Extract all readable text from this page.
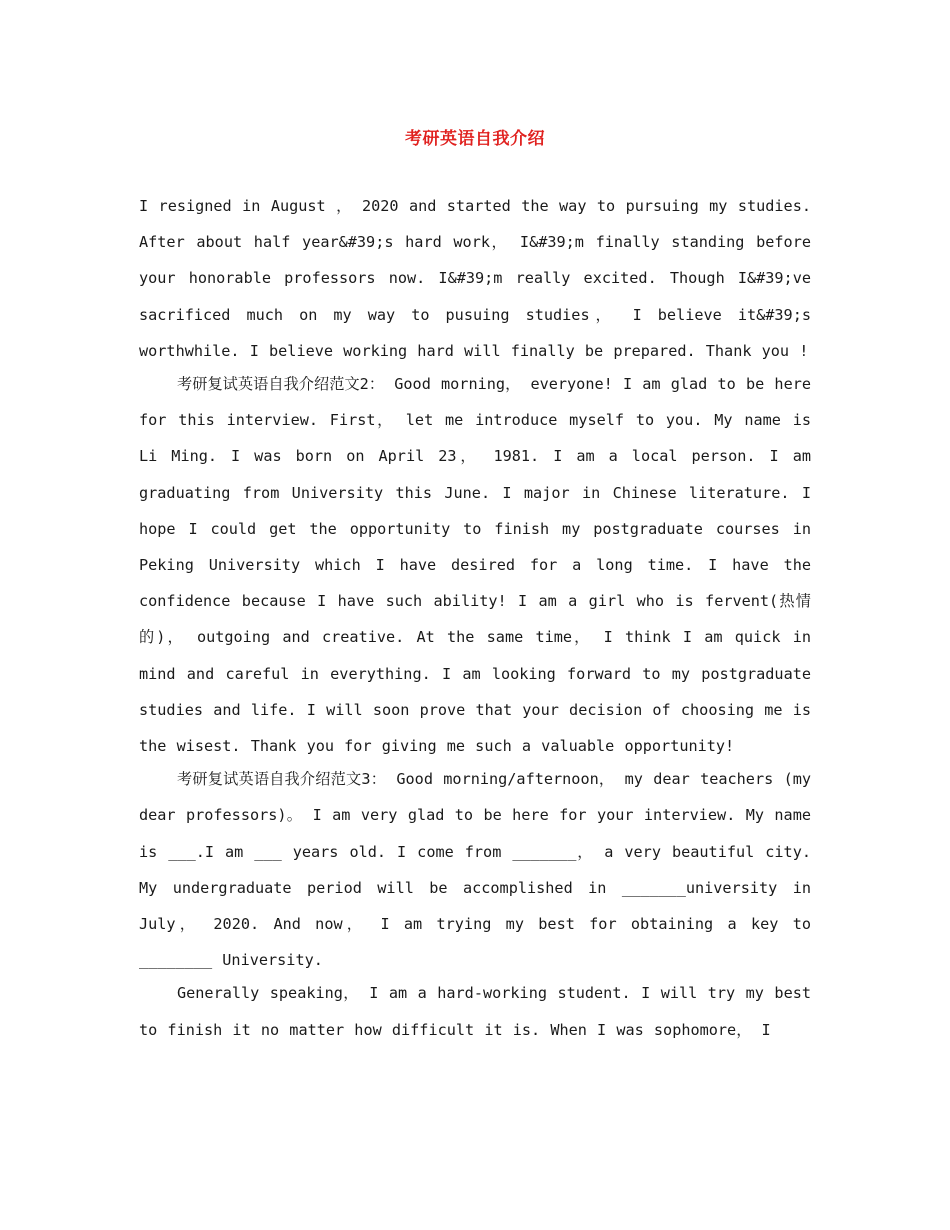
考研英语自我介绍

I resigned in August ， 2020 and started the way to pursuing my studies. After about half year&#39;s hard work， I&#39;m finally standing before your honorable professors now. I&#39;m really excited. Though I&#39;ve sacrificed much on my way to pusuing studies， I believe it&#39;s worthwhile. I believe working hard will finally be prepared. Thank you !

考研复试英语自我介绍范文2： Good morning， everyone! I am glad to be here for this interview. First， let me introduce myself to you. My name is Li Ming. I was born on April 23， 1981. I am a local person. I am graduating from University this June. I major in Chinese literature. I hope I could get the opportunity to finish my postgraduate courses in Peking University which I have desired for a long time. I have the confidence because I have such ability! I am a girl who is fervent(热情的)， outgoing and creative. At the same time， I think I am quick in mind and careful in everything. I am looking forward to my postgraduate studies and life. I will soon prove that your decision of choosing me is the wisest. Thank you for giving me such a valuable opportunity!

考研复试英语自我介绍范文3： Good morning/afternoon， my dear teachers (my dear professors)。 I am very glad to be here for your interview. My name is ___.I am ___ years old. I come from _______， a very beautiful city. My undergraduate period will be accomplished in _______university in July， 2020. And now， I am trying my best for obtaining a key to ________ University.

Generally speaking， I am a hard-working student. I will try my best to finish it no matter how difficult it is. When I was sophomore， I
